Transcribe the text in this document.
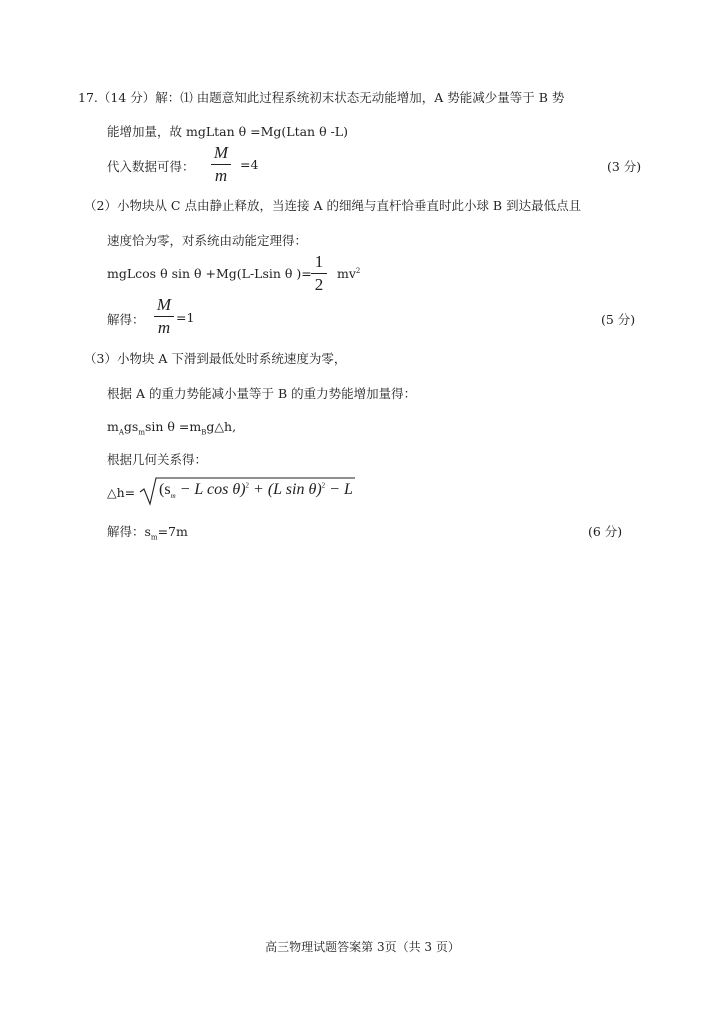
17.（14 分）解：⑴ 由题意知此过程系统初末状态无动能增加，A 势能减少量等于 B 势
能增加量，故 mgLtan θ =Mg(Ltan θ -L)
代入数据可得：
M
m
=4	(3 分)
（2）小物块从 C 点由静止释放，当连接 A 的细绳与直杆恰垂直时此小球 B 到达最低点且
速度恰为零，对系统由动能定理得：
mgLcos θ sin θ +Mg(L-Lsin θ )=
1
2
$mv^2$
解得：
M
m
=1	(5 分)
（3）小物块 A 下滑到最低处时系统速度为零，
根据 A 的重力势能减小量等于 B 的重力势能增加量得：
$m_Ags_m\sin$ $\theta =m_Bg\triangle h$,
根据几何关系得：
△h= ($s_m - L$ cos θ)$^2$ + (L sin θ)$^2$ − L
解得：$s_m=7m$	(6 分)
高三物理试题答案第 3页（共 3 页）
